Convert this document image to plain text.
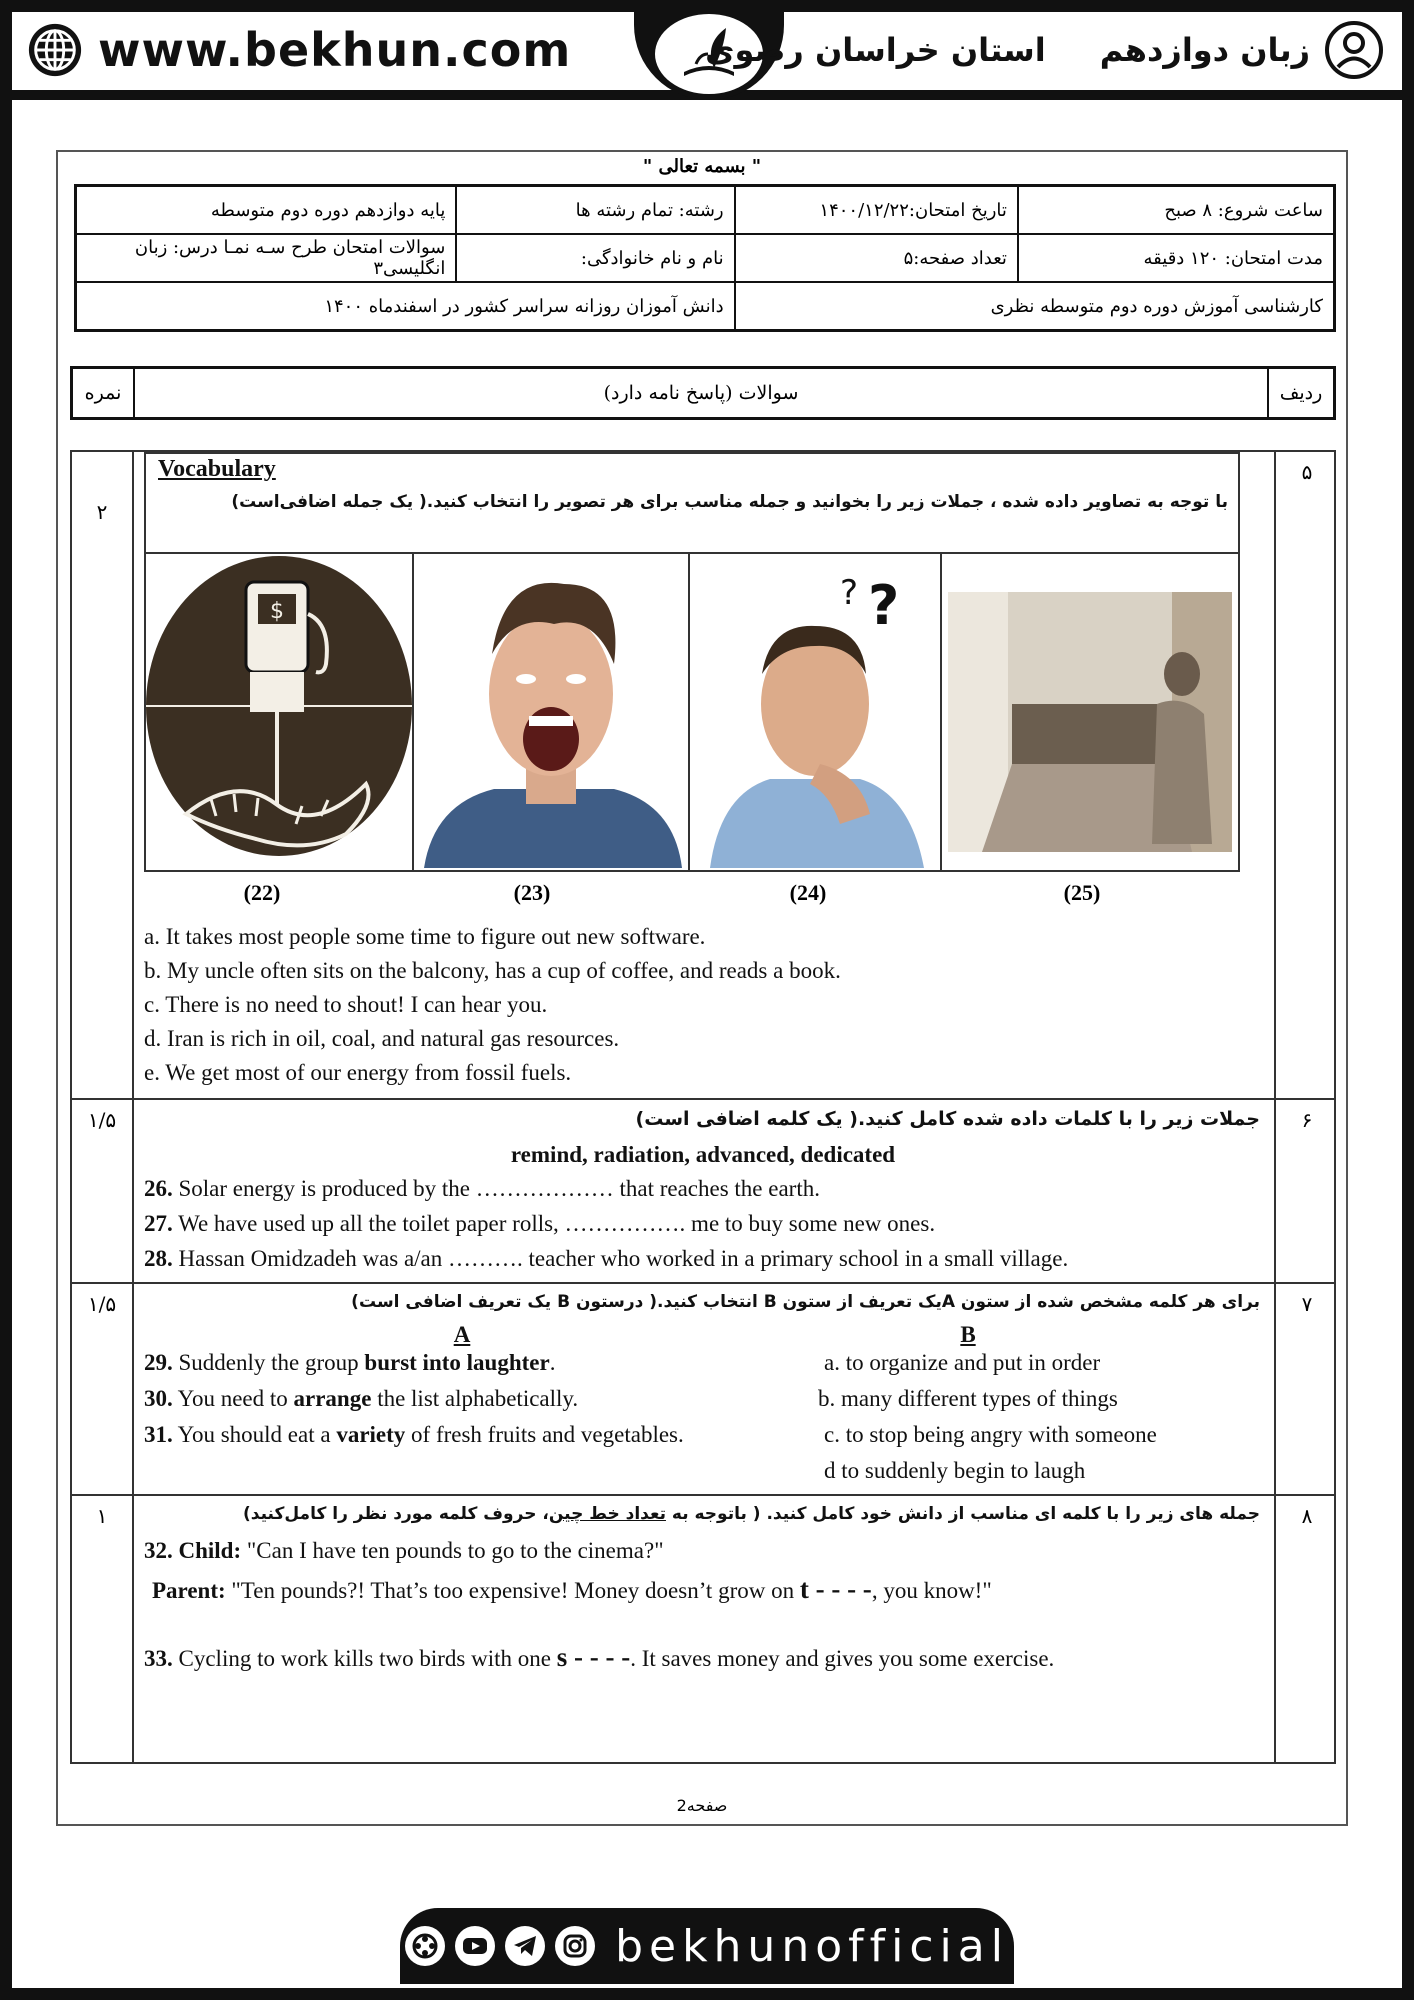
www.bekhun.com	زبان دوازدهم
استان خراسان رضوی
" بسمه تعالی "
پایه دوازدهم دوره دوم متوسطه	رشته: تمام رشته ها	تاریخ امتحان:۱۴۰۰/۱۲/۲۲	ساعت شروع: ۸ صبح
سوالات امتحان طرح سـه نمـا درس: زبان انگلیسی۳	نام و نام خانوادگی:	تعداد صفحه:۵	مدت امتحان: ۱۲۰ دقیقه
دانش آموزان روزانه سراسر کشور در اسفندماه ۱۴۰۰		کارشناسی آموزش دوره دوم متوسطه نظری	
نمره	سوالات (پاسخ نامه دارد)	ردیف
۵
۲
Vocabulary
با توجه به تصاویر داده شده ، جملات زیر را بخوانید و جمله مناسب برای هر تصویر را انتخاب کنید.( یک جمله اضافی‌است)
$	? ?
(22)	(23)	(24)	(25)
a. It takes most people some time to figure out new software.
b. My uncle often sits on the balcony, has a cup of coffee, and reads a book.
c. There is no need to shout! I can hear you.
d. Iran is rich in oil, coal, and natural gas resources.
e. We get most of our energy from fossil fuels.
۶
۱/۵	جملات زیر را با کلمات داده شده کامل کنید.( یک کلمه اضافی است)
remind, radiation, advanced, dedicated
26. Solar energy is produced by the ……………… that reaches the earth.
27. We have used up all the toilet paper rolls, ……………. me to buy some new ones.
28. Hassan Omidzadeh was a/an ………. teacher who worked in a primary school in a small village.
۷
۱/۵	برای هر کلمه مشخص شده از ستون Aیک تعریف از ستون B انتخاب کنید.( درستون B یک تعریف اضافی است)
A	B
29. Suddenly the group burst into laughter.
30. You need to arrange the list alphabetically.
31. You should eat a variety of fresh fruits and vegetables.
a. to organize and put in order
b. many different types of things
c. to stop being angry with someone
d to suddenly begin to laugh
۸
۱	جمله های زیر را با کلمه ای مناسب از دانش خود کامل کنید. ( باتوجه به تعداد خط چین، حروف کلمه مورد نظر را کامل‌کنید)
32. Child: "Can I have ten pounds to go to the cinema?"
Parent: "Ten pounds?! That’s too expensive! Money doesn’t grow on t - - - -, you know!"
33. Cycling to work kills two birds with one s - - - -. It saves money and gives you some exercise.
صفحه2
bekhunofficial
